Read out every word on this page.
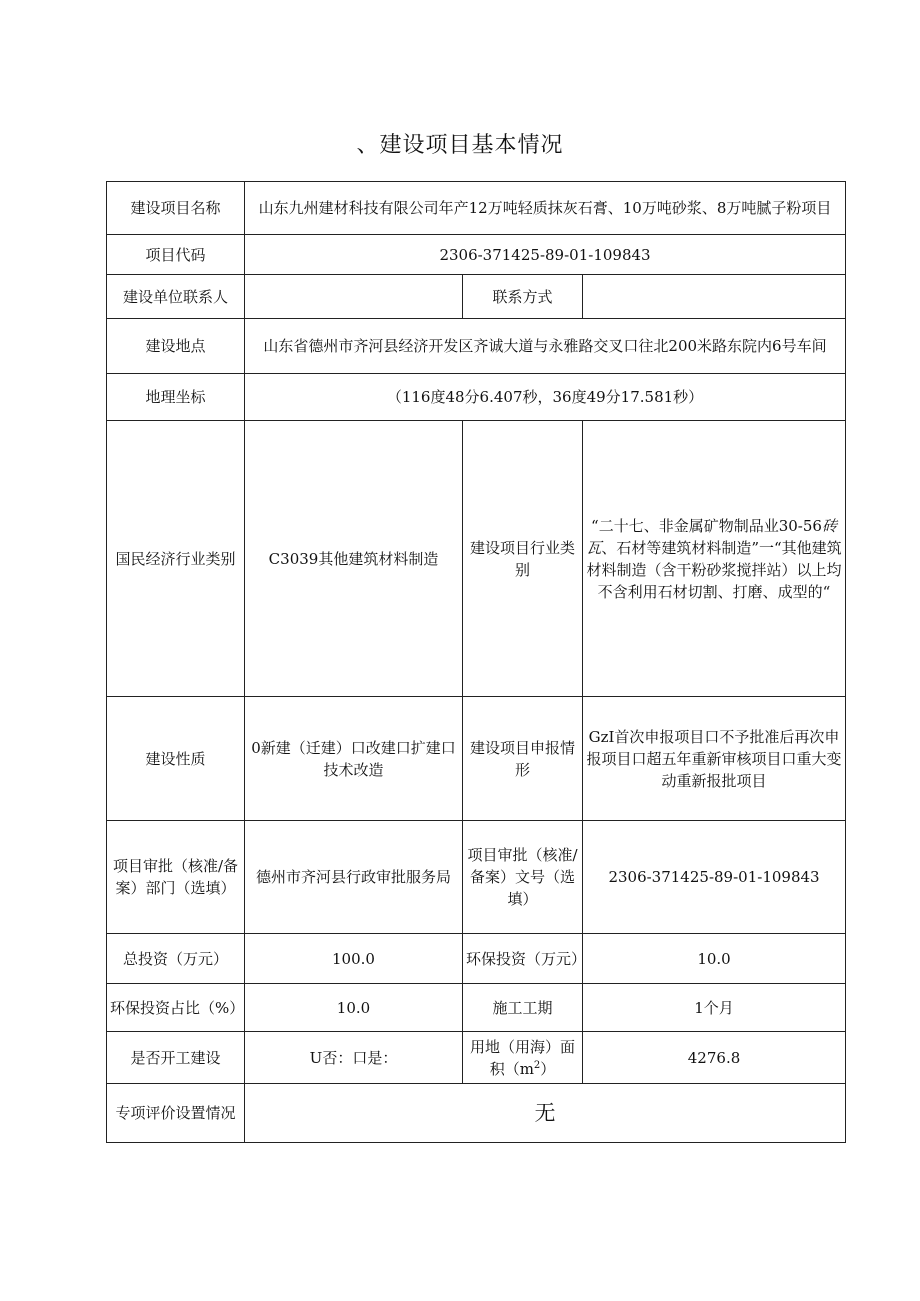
、建设项目基本情况
建设项目名称	山东九州建材科技有限公司年产12万吨轻质抹灰石膏、10万吨砂浆、8万吨腻子粉项目		
项目代码	2306-371425-89-01-109843		
建设单位联系人		联系方式	
建设地点	山东省德州市齐河县经济开发区齐诚大道与永雅路交叉口往北200米路东院内6号车间		
地理坐标	（116度48分6.407秒，36度49分17.581秒）		
国民经济行业类别	C3039其他建筑材料制造	建设项目行业类别	“二十七、非金属矿物制品业30-56砖瓦、石材等建筑材料制造”一“其他建筑材料制造（含干粉砂浆搅拌站）以上均不含利用石材切割、打磨、成型的“
建设性质	0新建（迁建）口改建口扩建口技术改造	建设项目申报情形	GzI首次申报项目口不予批准后再次申报项目口超五年重新审核项目口重大变动重新报批项目
项目审批（核准/备案）部门（选填）	德州市齐河县行政审批服务局	项目审批（核准/备案）文号（选填）	2306-371425-89-01-109843
总投资（万元）	100.0	环保投资（万元）	10.0
环保投资占比（%）	10.0	施工工期	1个月
是否开工建设	U否：口是：	用地（用海）面积$(m^2)$	4276.8
专项评价设置情况	无		
